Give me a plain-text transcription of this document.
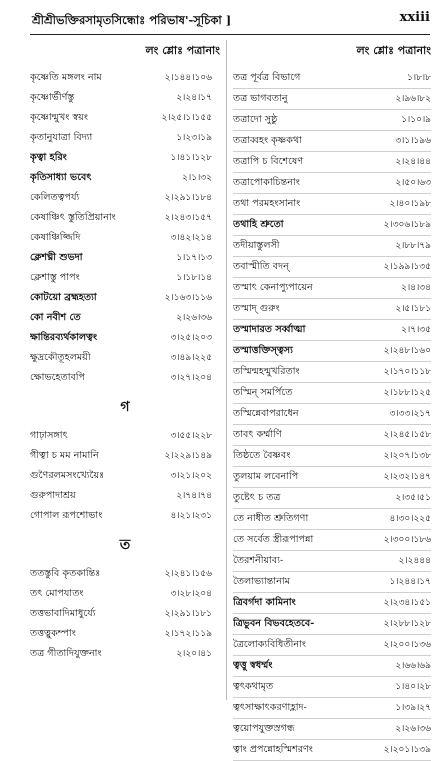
শ্রীশ্রীভক্তিরসামৃতসিন্ধোঃ পরিভাষ'-সূচিকা ]	xxiii
লং শ্লোঃ পত্রানাং
কৃষ্ণেতি মঙ্গলং নাম	২।১৪৪।১০৬
কৃষ্ণোর্ভীৰ্ণস্তু	২।২৪।১৭
কৃষ্ণোন্মুখং স্বয়ং	২।২৫।১।১৫৫
কৃতানুযাত্রা বিদ্যা	১।২৩।১৯
কৃত্বা হরিং	১।৪১।১২৮
কৃতিসাধ্যা ভবেৎ	২।১।৩২
কেলিতত্বপর্য্য	২।২৯১।১৮৪
কেষাঞ্চিৎ স্তুতিপ্রিয়ানাং	২।২৪৩।১৫৭
কেষাঞ্চিজ্জিদি	৩।৪২।২১৪
ক্লেশঘ্নী শুভদা	১।১৭।১৩
ক্লেশাস্তু পাপং	১।১৮।১৪
কোটয়ো ব্রহ্মহত্যা	২।১৬৩।১১৬
কো নবীশ তে	২।২৬।৩৬
ক্ষান্তিরব্যর্থকালত্বং	৩।২৫।২০৩
ক্ষুদ্রকৌতূহলময়ী	৩।৪৯।২২৫
ক্ষোভহেতাবপি	৩।২৭।২০৪
গ
গাঢ়াসঙ্গাৎ	৩।৫৫।২২৮
গীত্বা চ মম নামানি	২।২২৯।১৪৯
গুণৈরলমসংখ্যেয়ৈঃ	৩।২১।২০২
গুরুপাদাশ্রয়	২।৭৪।৭৪
গোপাল রূপশোভাং	৪।২১।২৩১
ত
ততস্তুবি কৃতকান্তিঃ	২।২৪১।১৫৬
তৎ মোপযাতং	৩।২৮।২০৪
তত্তভাবাদিমাধুর্য্যে	২।২৯১।১৮১
তত্তত্নুকম্পাং	২।১৭২।১১৯
তত্র গীতাদিযুক্তনাং	২।২০।৪১
লং শ্লোঃ পত্রানাং
তত্র পূর্বত্র বিভাগে	১।৮।৮
তত্র ভাগবতানু	২।৯৬।৮২
তত্রাদো সুষ্ঠু	১।১০।৯
তত্রাব্বহং কৃষ্ণকথা	৩।১।১৯৬
তত্রাপি চ বিশেষেণ	২।২৪।৪৪
তত্রাপোকাচিন্তনাং	২।৫০।৬৩
তথা পরমহংসানাং	২।৪০।১৯৮
তথাহি শ্রুতো	২।৩০৬।১৮৯
তদীয়াস্তুলসী	২।৮৮।৭৯
তবাস্মীতি বদন্	২।১৯৯।১৩৫
তস্মাৎ কেনাপ্যুপায়েন	২।৪।৩৪
তস্মাদ্ গুরুং	২।৫।১৮১
তস্মাদারত সর্ব্বাত্মা	২।৭।৩৫
তস্মাত্তক্তিস্ত্বস্য	২।২৪৮।১৬০
তস্মিন্মহন্মুখরিতাং	২।১৭০।১১৮
তস্মিন্ সমর্পিতে	২।১৮৮।১২৫
তস্মিন্নেবাপরাধেন	৩।৩৩।২১৭
তাবৎ কর্ম্মাণি	২।২৪৫।১৫৮
তিষ্ঠতে বৈষ্ণবং	২।২০৭।১৩৮
তুলয়াম লবেনাপি	২।২৩২।১৪৭
তুষ্টেৎ চ তত্র	২।৩৫।৫১
তে নাধীত শ্রুতিগণা	৪।৩০।২২৫
তে সর্বেত স্ত্রীরূপাপন্না	২।৩০০।১৮৬
তৈরশনীয়াব্য-	২।২৪৪৪
তৈলাভ্যান্তানাম	১।২৪৪।১৭
ত্রিবর্গদা কামিনাং	২।২৩৪।১৫১
ত্রিভুবন বিভবহেতবে-	২।২৮৮।১২৮
ত্রৈলোক্যবিধিতীনাং	২।২০০।১৩৬
ত্বত্তু স্বধর্ম্মং	২।৬৬।৬৯
ত্বৎকথামৃত	১।৪০।২৮
ত্বৎসাক্ষাৎকরণাহ্লাদ-	১।৩৯।২৭
ত্বয়োপযুক্তস্রগন্ধ	২।২৬।৩৬
ত্বাং প্রপন্নোহস্মিশরণং	২।২০১।১৩৯
